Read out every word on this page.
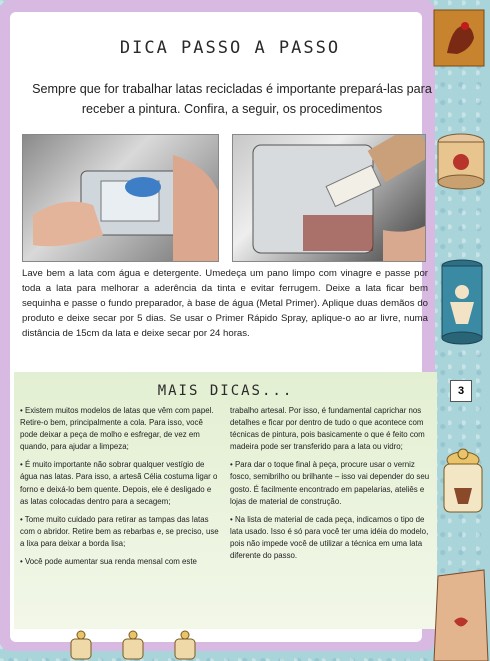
DICA PASSO A PASSO
Sempre que for trabalhar latas recicladas é importante prepará-las para receber a pintura. Confira, a seguir, os procedimentos
Lave bem a lata com água e detergente. Umedeça um pano limpo com vinagre e passe por toda a lata para melhorar a aderência da tinta e evitar ferrugem. Deixe a lata ficar bem sequinha e passe o fundo preparador, à base de água (Metal Primer). Aplique duas demãos do produto e deixe secar por 5 dias. Se usar o Primer Rápido Spray, aplique-o ao ar livre, numa distância de 15cm da lata e deixe secar por 24 horas.
MAIS DICAS...

• Existem muitos modelos de latas que vêm com papel. Retire-o bem, principalmente a cola. Para isso, você pode deixar a peça de molho e esfregar, de vez em quando, para ajudar a limpeza;

• É muito importante não sobrar qualquer vestígio de água nas latas. Para isso, a artesã Célia costuma ligar o forno e deixá-lo bem quente. Depois, ele é desligado e as latas colocadas dentro para a secagem;

• Tome muito cuidado para retirar as tampas das latas com o abridor. Retire bem as rebarbas e, se preciso, use a lixa para deixar a borda lisa;

• Você pode aumentar sua renda mensal com este

trabalho artesal. Por isso, é fundamental caprichar nos detalhes e ficar por dentro de tudo o que acontece com técnicas de pintura, pois basicamente o que é feito com madeira pode ser transferido para a lata ou vidro;

• Para dar o toque final à peça, procure usar o verniz fosco, semibrilho ou brilhante – isso vai depender do seu gosto. É facilmente encontrado em papelarias, ateliês e lojas de material de construção.

• Na lista de material de cada peça, indicamos o tipo de lata usado. Isso é só para você ter uma idéia do modelo, pois não impede você de utilizar a técnica em uma lata diferente do passo.

3
